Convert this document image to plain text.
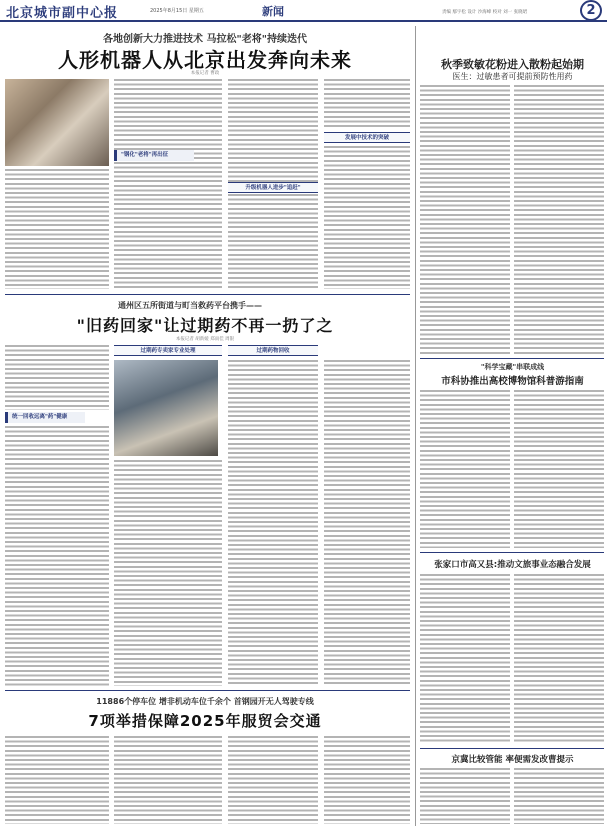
北京城市副中心报	2025年8月15日 星期五	新闻	责编 鄢宇松 设计 沙海峰 校对 刘一 张晓珺	2
各地创新大力推进技术 马拉松"老将"持续迭代
人形机器人从北京出发奔向未来
本报记者 曹政
"钢化"老将"再出征
升级机器人进步"追赶"
发展中技术的突破
通州区五所街道与町当救药平台携手——
"旧药回家"让过期药不再一扔了之
本报记者 胡新媛 郑雨佳 周银
统一回收远离"药"健康
过期药专卖家专业处理	过期药物回收
11886个停车位 增非机动车位千余个 首钢园开无人驾驶专线
7项举措保障2025年服贸会交通
秋季致敏花粉进入散粉起始期
医生：过敏患者可提前预防性用药
"科学宝藏"串联成线
市科协推出高校博物馆科普游指南
张家口市高又县:推动文旅事业态融合发展
京冀比较管能 率便需发改曹提示
